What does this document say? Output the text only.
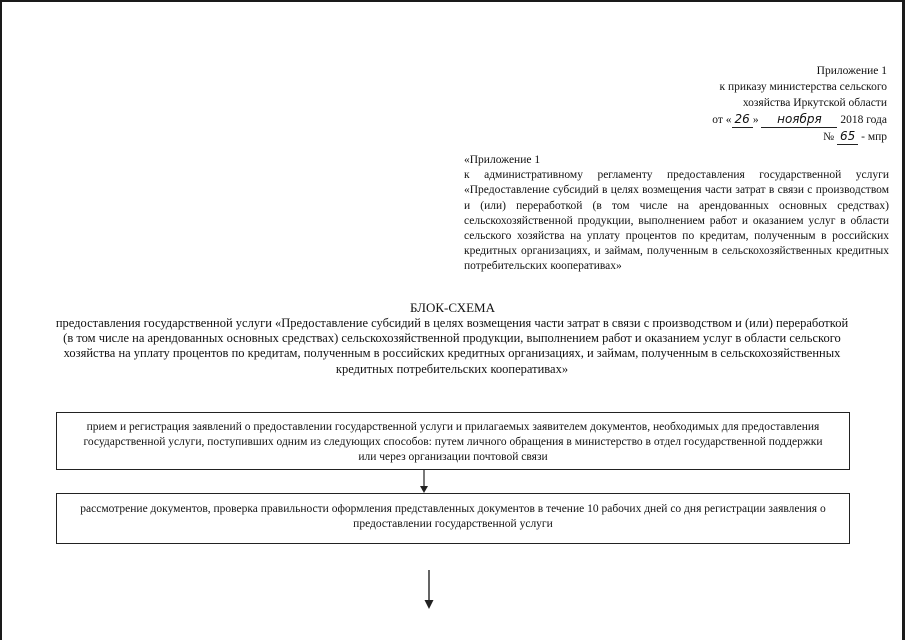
Приложение 1
к приказу министерства сельского
хозяйства Иркутской области
от « 26 » ноября 2018 года
№ 65 - мпр
«Приложение 1
к административному регламенту предоставления государственной услуги «Предоставление субсидий в целях возмещения части затрат в связи с производством и (или) переработкой (в том числе на арендованных основных средствах) сельскохозяйственной продукции, выполнением работ и оказанием услуг в области сельского хозяйства на уплату процентов по кредитам, полученным в российских кредитных организациях, и займам, полученным в сельскохозяйственных кредитных потребительских кооперативах»
БЛОК-СХЕМА
предоставления государственной услуги «Предоставление субсидий в целях возмещения части затрат в связи с производством и (или) переработкой (в том числе на арендованных основных средствах) сельскохозяйственной продукции, выполнением работ и оказанием услуг в области сельского хозяйства на уплату процентов по кредитам, полученным в российских кредитных организациях, и займам, полученным в сельскохозяйственных кредитных потребительских кооперативах»
прием и регистрация заявлений о предоставлении государственной услуги и прилагаемых заявителем документов, необходимых для предоставления государственной услуги, поступивших одним из следующих способов: путем личного обращения в министерство в отдел государственной поддержки или через организации почтовой связи
рассмотрение документов, проверка правильности оформления представленных документов в течение 10 рабочих дней со дня регистрации заявления о предоставлении государственной услуги
